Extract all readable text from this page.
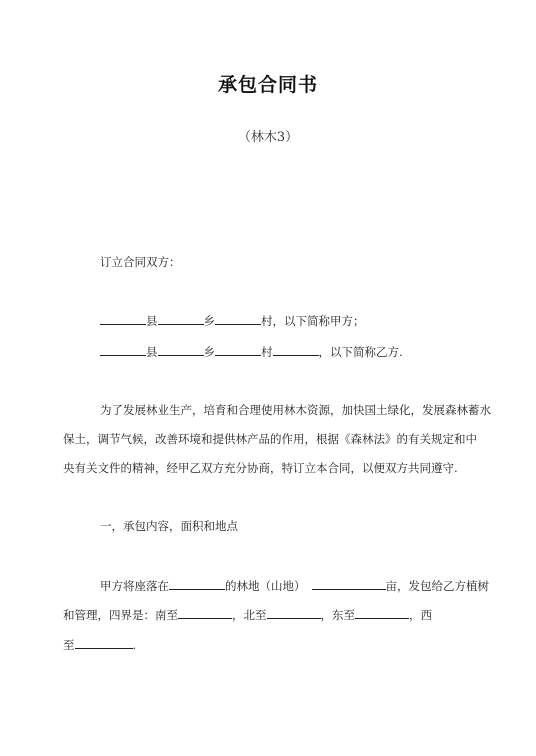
承包合同书
（林木3）
订立合同双方：
县	乡	村，以下简称甲方；
县	乡	村	，以下简称乙方.
为了发展林业生产，培育和合理使用林木资源，加快国土绿化，发展森林蓄水
保土，调节气候，改善环境和提供林产品的作用，根据《森林法》的有关规定和中
央有关文件的精神，经甲乙双方充分协商，特订立本合同，以便双方共同遵守.
一，承包内容，面积和地点
甲方将座落在	的林地（山地）	亩，发包给乙方植树
和管理，四界是：南至	，北至	，东至	，西
至	.
